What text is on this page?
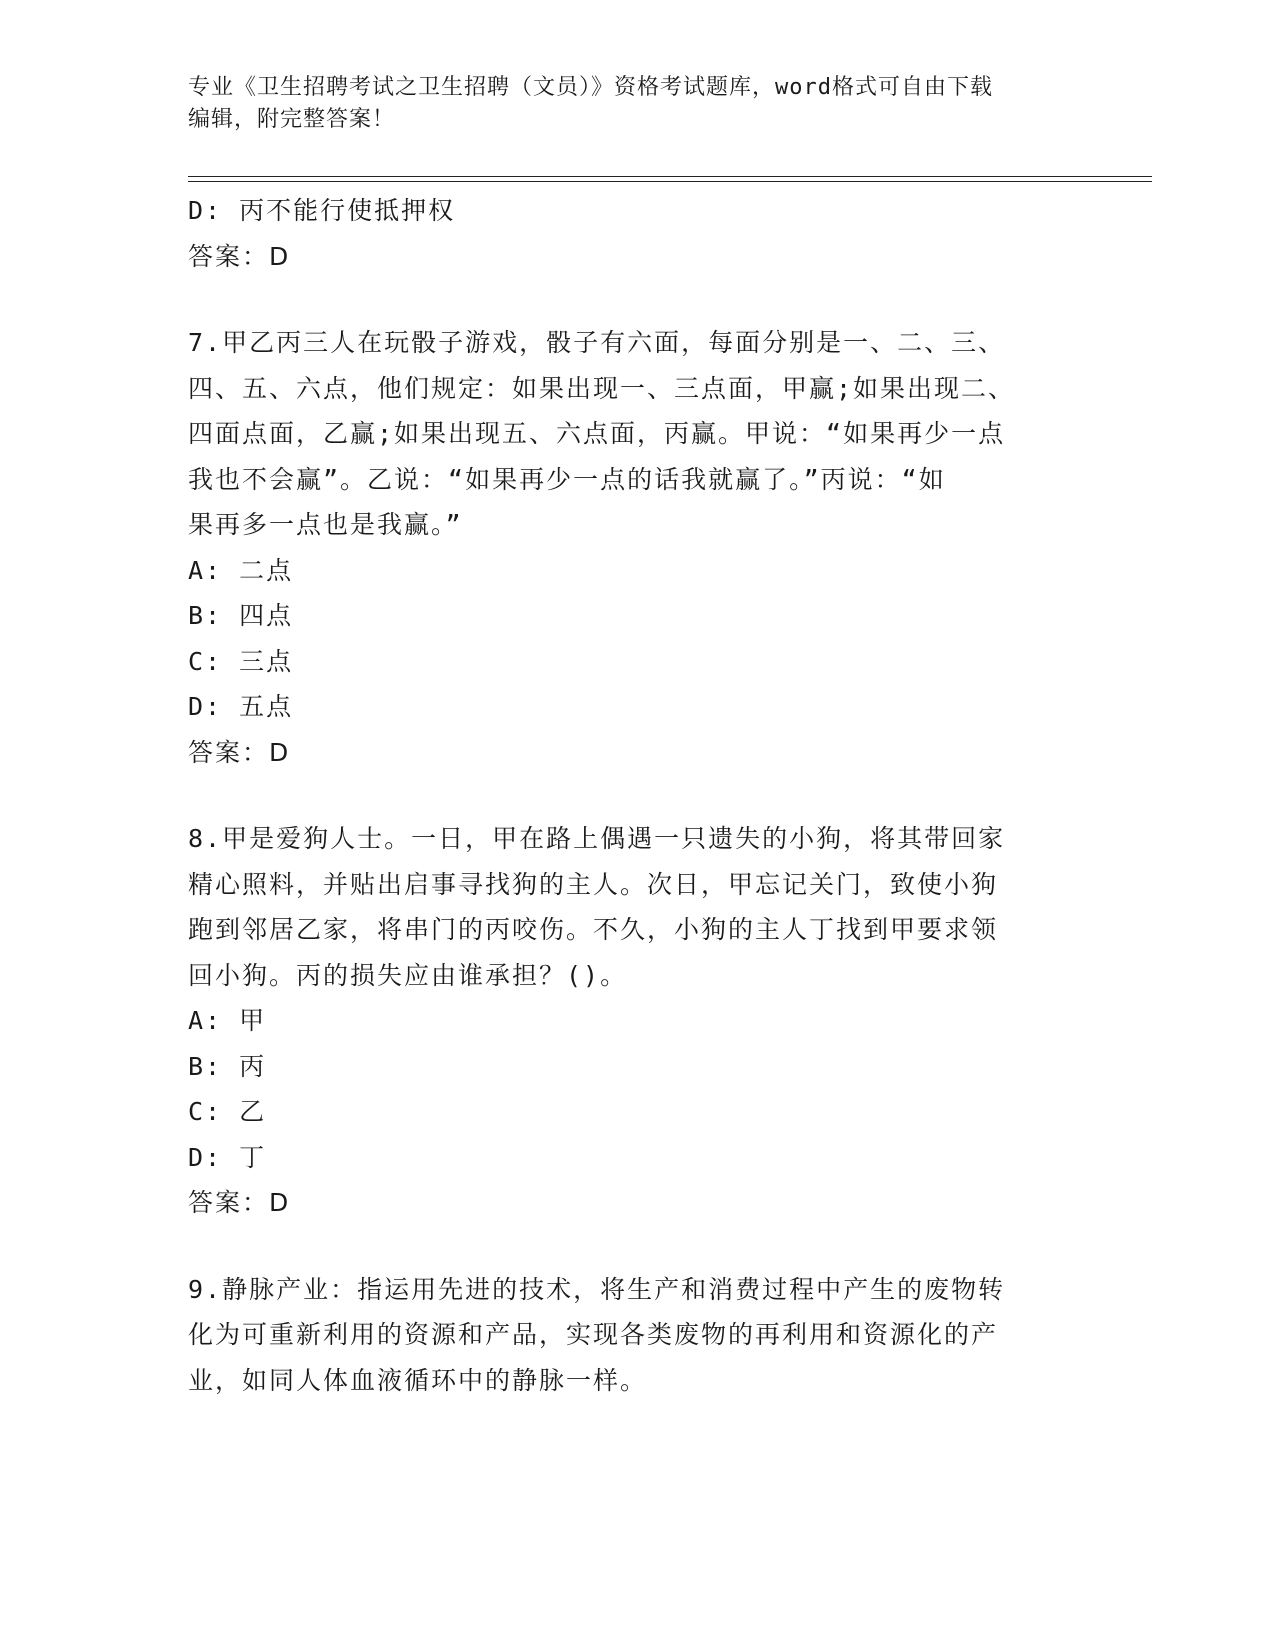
专业《卫生招聘考试之卫生招聘（文员）》资格考试题库，word格式可自由下载
编辑，附完整答案！
D: 丙不能行使抵押权
答案：D
7.甲乙丙三人在玩骰子游戏，骰子有六面，每面分别是一、二、三、
四、五、六点，他们规定：如果出现一、三点面，甲赢;如果出现二、
四面点面，乙赢;如果出现五、六点面，丙赢。甲说：“如果再少一点
我也不会赢”。乙说：“如果再少一点的话我就赢了。”丙说：“如
果再多一点也是我赢。”
A: 二点
B: 四点
C: 三点
D: 五点
答案：D
8.甲是爱狗人士。一日，甲在路上偶遇一只遗失的小狗，将其带回家
精心照料，并贴出启事寻找狗的主人。次日，甲忘记关门，致使小狗
跑到邻居乙家，将串门的丙咬伤。不久，小狗的主人丁找到甲要求领
回小狗。丙的损失应由谁承担？()。
A: 甲
B: 丙
C: 乙
D: 丁
答案：D
9.静脉产业：指运用先进的技术，将生产和消费过程中产生的废物转
化为可重新利用的资源和产品，实现各类废物的再利用和资源化的产
业，如同人体血液循环中的静脉一样。
